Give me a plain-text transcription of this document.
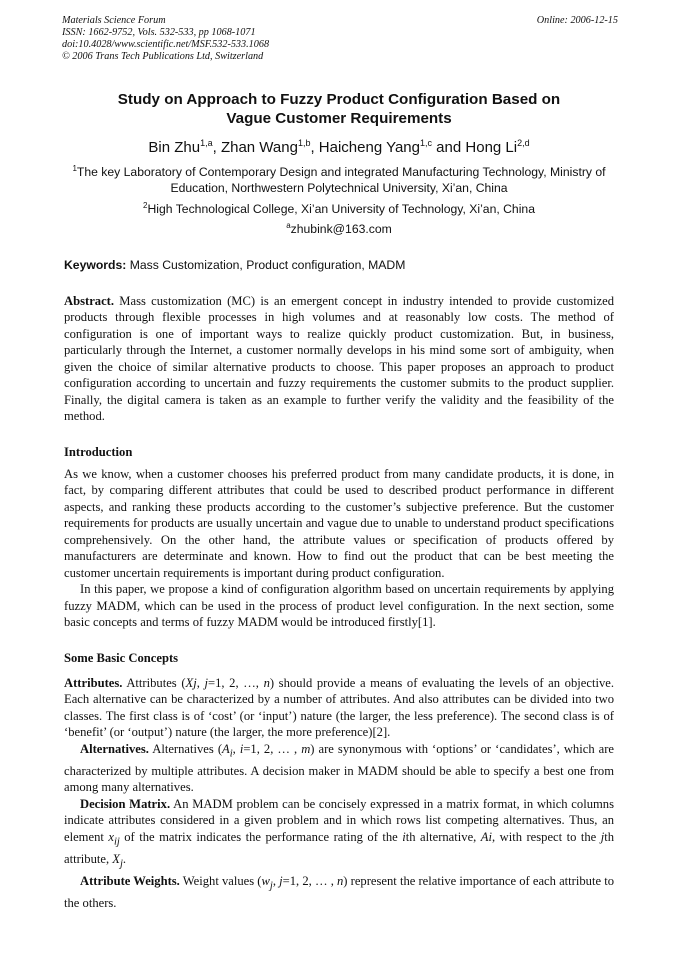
Materials Science Forum
ISSN: 1662-9752, Vols. 532-533, pp 1068-1071
doi:10.4028/www.scientific.net/MSF.532-533.1068
© 2006 Trans Tech Publications Ltd, Switzerland
Online: 2006-12-15
Study on Approach to Fuzzy Product Configuration Based on
Vague Customer Requirements
Bin Zhu$^{1,a}$, Zhan Wang$^{1,b}$, Haicheng Yang$^{1,c}$ and Hong Li$^{2,d}$
$^1$The key Laboratory of Contemporary Design and integrated Manufacturing Technology, Ministry of
Education, Northwestern Polytechnical University, Xi’an, China
$^2$High Technological College, Xi’an University of Technology, Xi’an, China
$^a$zhubink@163.com
Keywords: Mass Customization, Product configuration, MADM

Abstract. Mass customization (MC) is an emergent concept in industry intended to provide customized products through flexible processes in high volumes and at reasonably low costs. The method of configuration is one of important ways to realize quickly product customization. But, in business, particularly through the Internet, a customer normally develops in his mind some sort of ambiguity, when given the choice of similar alternative products to choose. This paper proposes an approach to product configuration according to uncertain and fuzzy requirements the customer submits to the product supplier. Finally, the digital camera is taken as an example to further verify the validity and the feasibility of the method.

Introduction

As we know, when a customer chooses his preferred product from many candidate products, it is done, in fact, by comparing different attributes that could be used to described product performance in different aspects, and ranking these products according to the customer’s subjective preference. But the customer requirements for products are usually uncertain and vague due to unable to understand product specifications comprehensively. On the other hand, the attribute values or specification of products offered by manufacturers are determinate and known. How to find out the product that can be best meeting the customer uncertain requirements is important during product configuration.

In this paper, we propose a kind of configuration algorithm based on uncertain requirements by applying fuzzy MADM, which can be used in the process of product level configuration. In the next section, some basic concepts and terms of fuzzy MADM would be introduced firstly[1].

Some Basic Concepts

Attributes. Attributes (Xj, j=1, 2, …, n) should provide a means of evaluating the levels of an objective. Each alternative can be characterized by a number of attributes. And also attributes can be divided into two classes. The first class is of ‘cost’ (or ‘input’) nature (the larger, the less preference). The second class is of ‘benefit’ (or ‘output’) nature (the larger, the more preference)[2].

Alternatives. Alternatives ($A_i$, i=1, 2, … , m) are synonymous with ‘options’ or ‘candidates’, which are characterized by multiple attributes. A decision maker in MADM should be able to specify a best one from among many alternatives.

Decision Matrix. An MADM problem can be concisely expressed in a matrix format, in which columns indicate attributes considered in a given problem and in which rows list competing alternatives. Thus, an element $x_{ij}$ of the matrix indicates the performance rating of the ith alternative, Ai, with respect to the jth attribute, $X_j$.

Attribute Weights. Weight values ($w_j$, j=1, 2, … , n) represent the relative importance of each attribute to the others.
